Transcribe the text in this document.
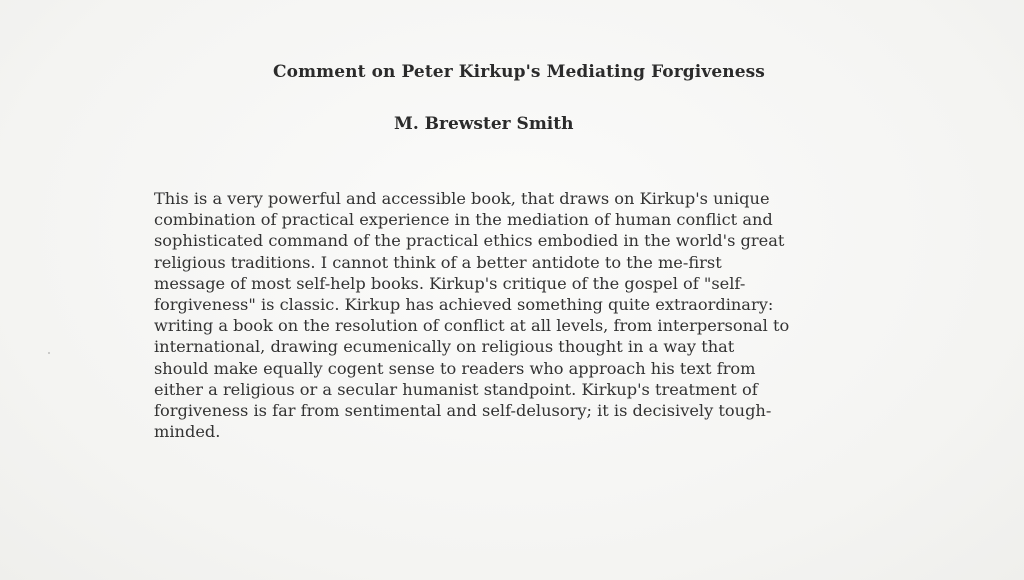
Comment on Peter Kirkup's Mediating Forgiveness
M. Brewster Smith
This is a very powerful and accessible book, that draws on Kirkup's unique
combination of practical experience in the mediation of human conflict and
sophisticated command of the practical ethics embodied in the world's great
religious traditions. I cannot think of a better antidote to the me-first
message of most self-help books. Kirkup's critique of the gospel of "self-
forgiveness" is classic. Kirkup has achieved something quite extraordinary:
writing a book on the resolution of conflict at all levels, from interpersonal to
international, drawing ecumenically on religious thought in a way that
should make equally cogent sense to readers who approach his text from
either a religious or a secular humanist standpoint. Kirkup's treatment of
forgiveness is far from sentimental and self-delusory; it is decisively tough-
minded.
